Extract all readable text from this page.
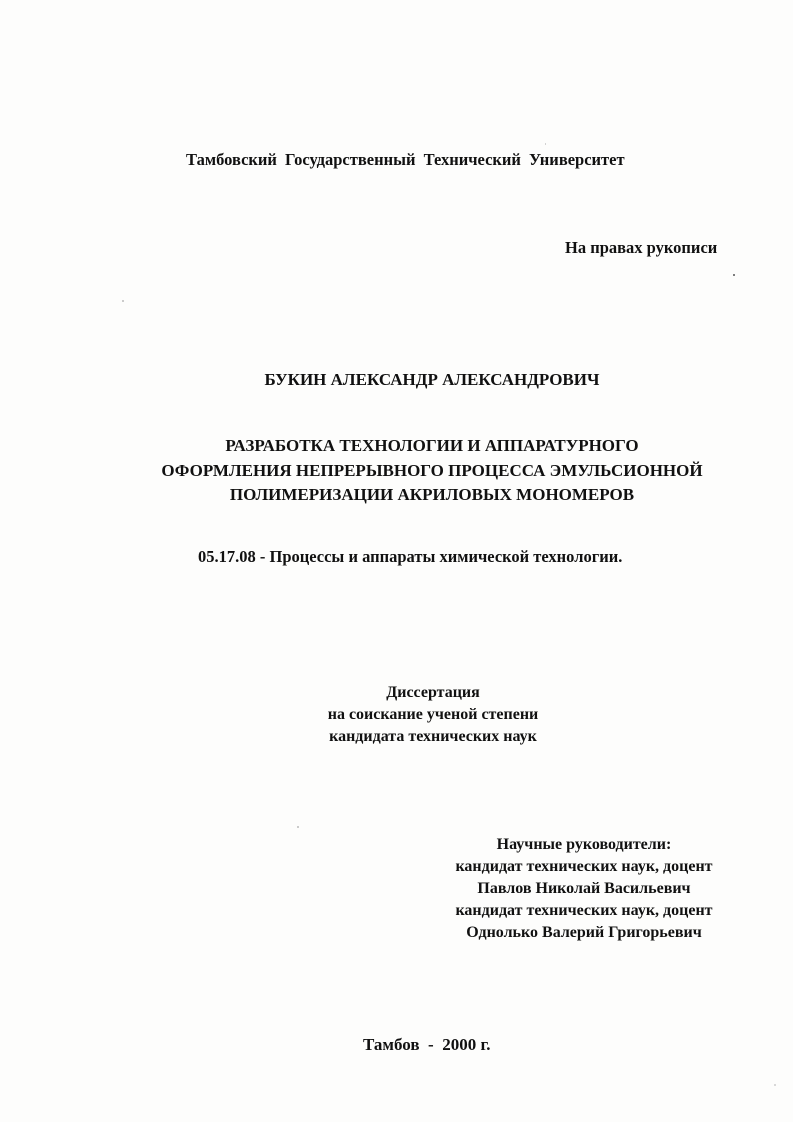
Тамбовский Государственный Технический Университет
На правах рукописи
БУКИН АЛЕКСАНДР АЛЕКСАНДРОВИЧ
РАЗРАБОТКА ТЕХНОЛОГИИ И АППАРАТУРНОГО
ОФОРМЛЕНИЯ НЕПРЕРЫВНОГО ПРОЦЕССА ЭМУЛЬСИОННОЙ
ПОЛИМЕРИЗАЦИИ АКРИЛОВЫХ МОНОМЕРОВ
05.17.08 - Процессы и аппараты химической технологии.
Диссертация
на соискание ученой степени
кандидата технических наук
Научные руководители:
кандидат технических наук, доцент
Павлов Николай Васильевич
кандидат технических наук, доцент
Однолько Валерий Григорьевич
Тамбов  -  2000 г.
